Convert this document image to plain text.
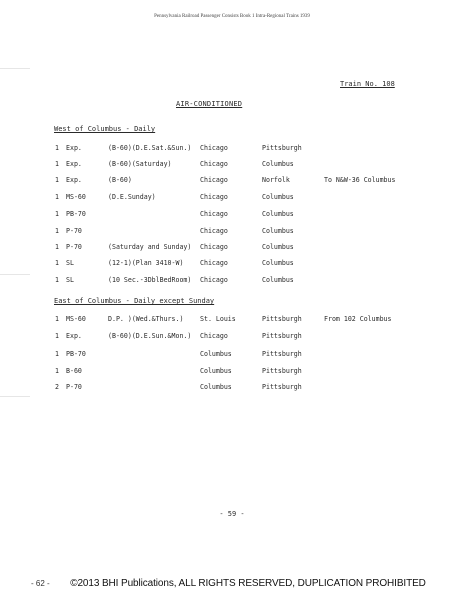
Pennsylvania Railroad Passenger Consists Book 1 Intra-Regional Trains 1939
Train No. 108
AIR-CONDITIONED
West of Columbus - Daily
1 Exp.	(B-60)(D.E.Sat.&Sun.) Chicago	Pittsburgh
1 Exp.	(B-60)(Saturday)	Chicago	Columbus
1 Exp.	(B-60)	Chicago	Norfolk	To N&W-36 Columbus
1 MS-60	(D.E.Sunday)	Chicago	Columbus
1 PB-70	Chicago	Columbus
1 P-70	Chicago	Columbus
1 P-70	(Saturday and Sunday) Chicago	Columbus
1 SL	(12-1)(Plan 3410-W)	Chicago	Columbus
1 SL	(10 Sec.-3DblBedRoom) Chicago	Columbus
East of Columbus - Daily except Sunday
1 MS-60	D.P. )(Wed.&Thurs.)	St. Louis	Pittsburgh	From 102 Columbus
1 Exp.	(B-60)(D.E.Sun.&Mon.) Chicago	Pittsburgh
1 PB-70	Columbus	Pittsburgh
1 B-60	Columbus	Pittsburgh
2 P-70	Columbus	Pittsburgh
- 59 -
- 62 -	©2013 BHI Publications, ALL RIGHTS RESERVED, DUPLICATION PROHIBITED
